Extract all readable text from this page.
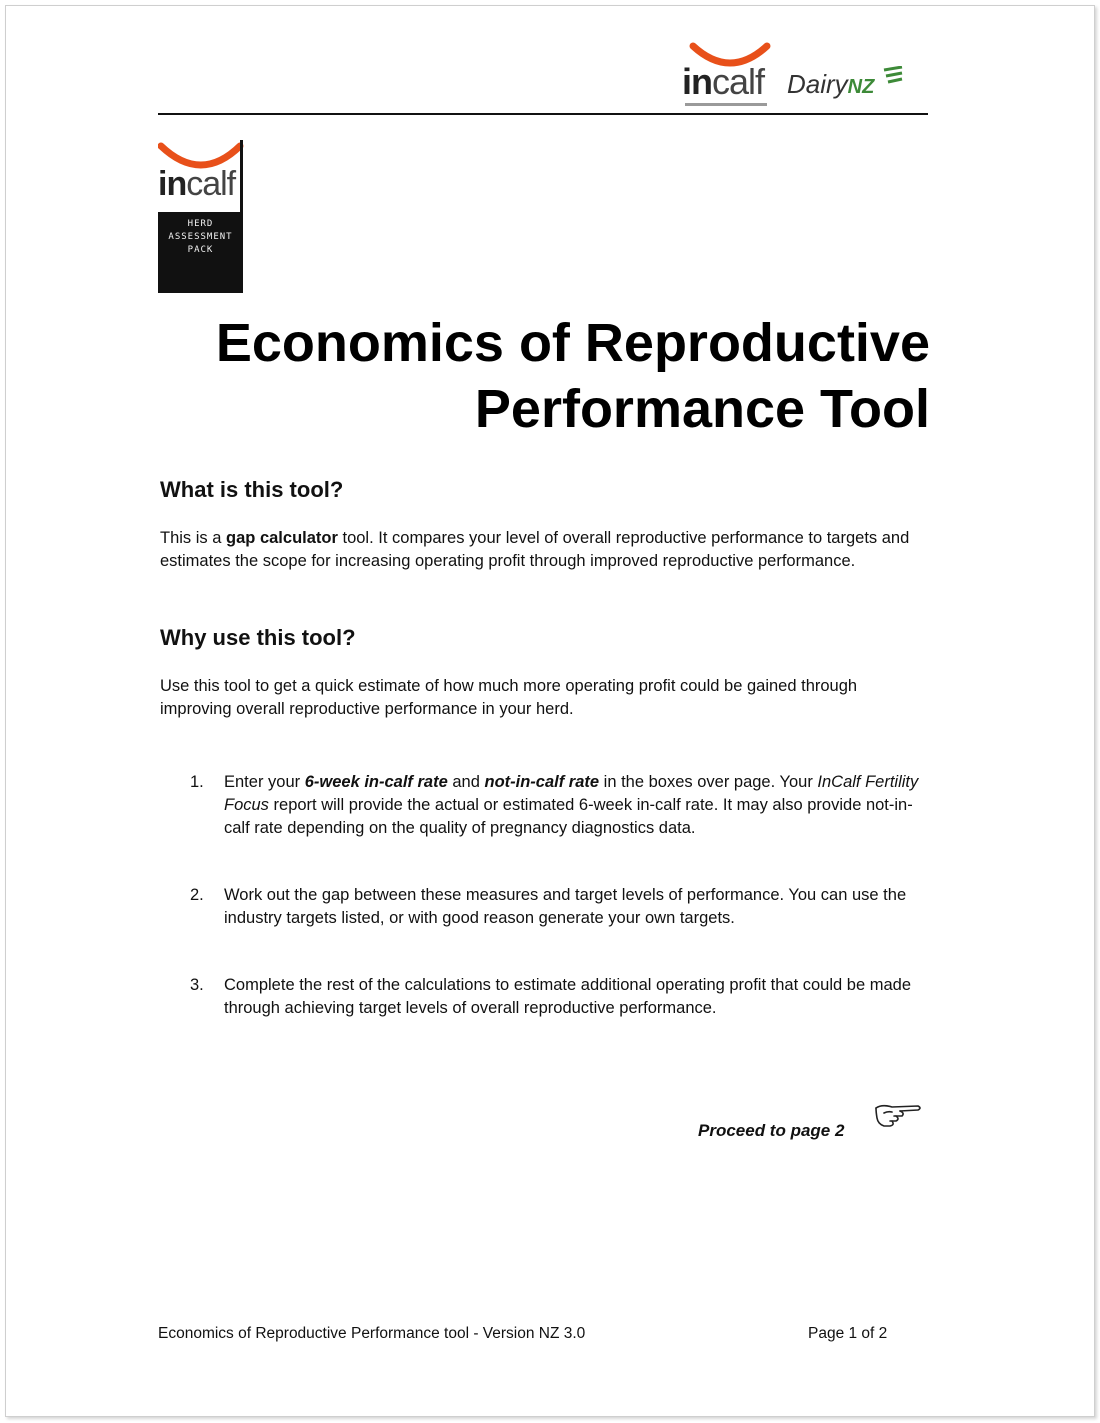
incalf DairyNZ
incalf
HERD
ASSESSMENT
PACK
Economics of Reproductive
Performance Tool
What is this tool?
This is a gap calculator tool. It compares your level of overall reproductive performance to targets and estimates the scope for increasing operating profit through improved reproductive performance.
Why use this tool?
Use this tool to get a quick estimate of how much more operating profit could be gained through improving overall reproductive performance in your herd.
1.	Enter your 6-week in-calf rate and not-in-calf rate in the boxes over page. Your InCalf Fertility Focus report will provide the actual or estimated 6-week in-calf rate. It may also provide not-in-calf rate depending on the quality of pregnancy diagnostics data.
2.	Work out the gap between these measures and target levels of performance. You can use the industry targets listed, or with good reason generate your own targets.
3.	Complete the rest of the calculations to estimate additional operating profit that could be made through achieving target levels of overall reproductive performance.
Proceed to page 2
Economics of Reproductive Performance tool - Version NZ 3.0	Page 1 of 2
